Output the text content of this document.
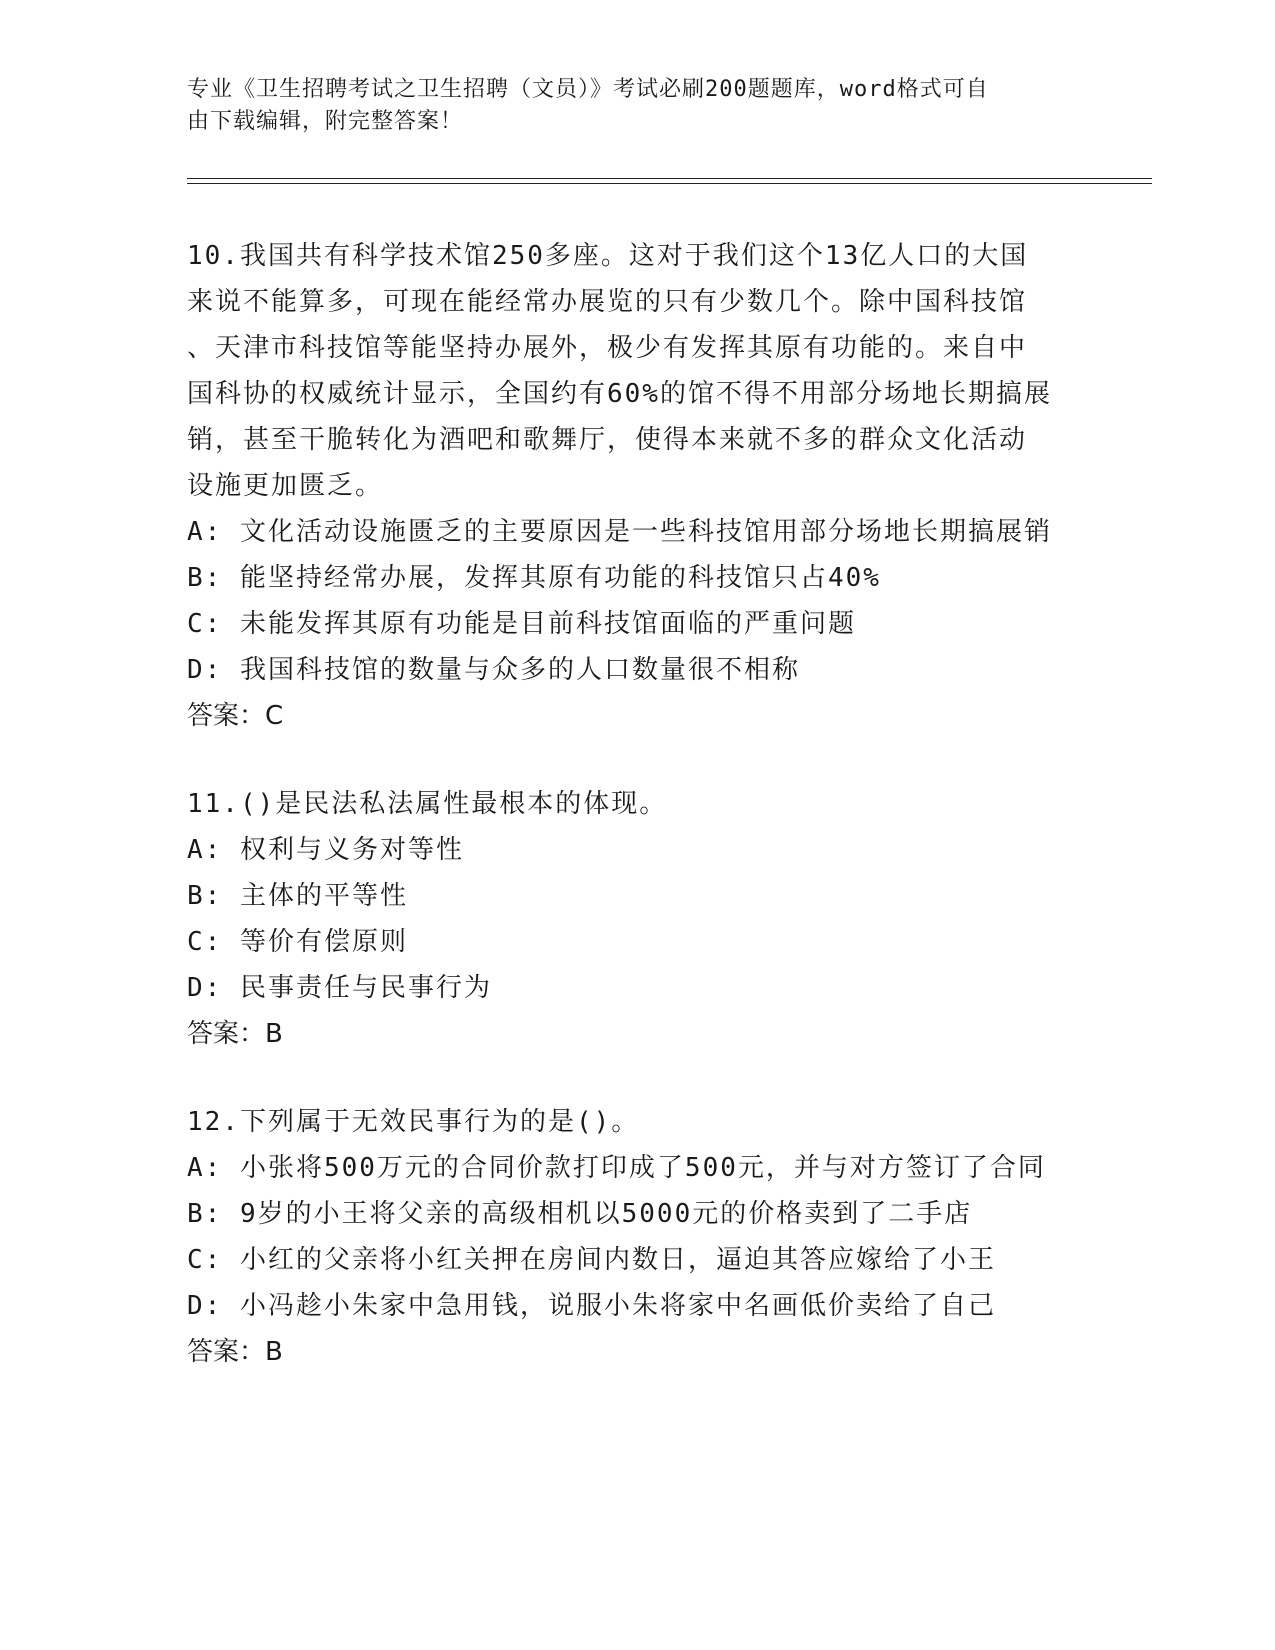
专业《卫生招聘考试之卫生招聘（文员）》考试必刷200题题库，word格式可自
由下载编辑，附完整答案！
10.我国共有科学技术馆250多座。这对于我们这个13亿人口的大国
来说不能算多，可现在能经常办展览的只有少数几个。除中国科技馆
、天津市科技馆等能坚持办展外，极少有发挥其原有功能的。来自中
国科协的权威统计显示，全国约有60%的馆不得不用部分场地长期搞展
销，甚至干脆转化为酒吧和歌舞厅，使得本来就不多的群众文化活动
设施更加匮乏。
A: 文化活动设施匮乏的主要原因是一些科技馆用部分场地长期搞展销
B: 能坚持经常办展，发挥其原有功能的科技馆只占40%
C: 未能发挥其原有功能是目前科技馆面临的严重问题
D: 我国科技馆的数量与众多的人口数量很不相称
答案：C
11.()是民法私法属性最根本的体现。
A: 权利与义务对等性
B: 主体的平等性
C: 等价有偿原则
D: 民事责任与民事行为
答案：B
12.下列属于无效民事行为的是()。
A: 小张将500万元的合同价款打印成了500元，并与对方签订了合同
B: 9岁的小王将父亲的高级相机以5000元的价格卖到了二手店
C: 小红的父亲将小红关押在房间内数日，逼迫其答应嫁给了小王
D: 小冯趁小朱家中急用钱，说服小朱将家中名画低价卖给了自己
答案：B
